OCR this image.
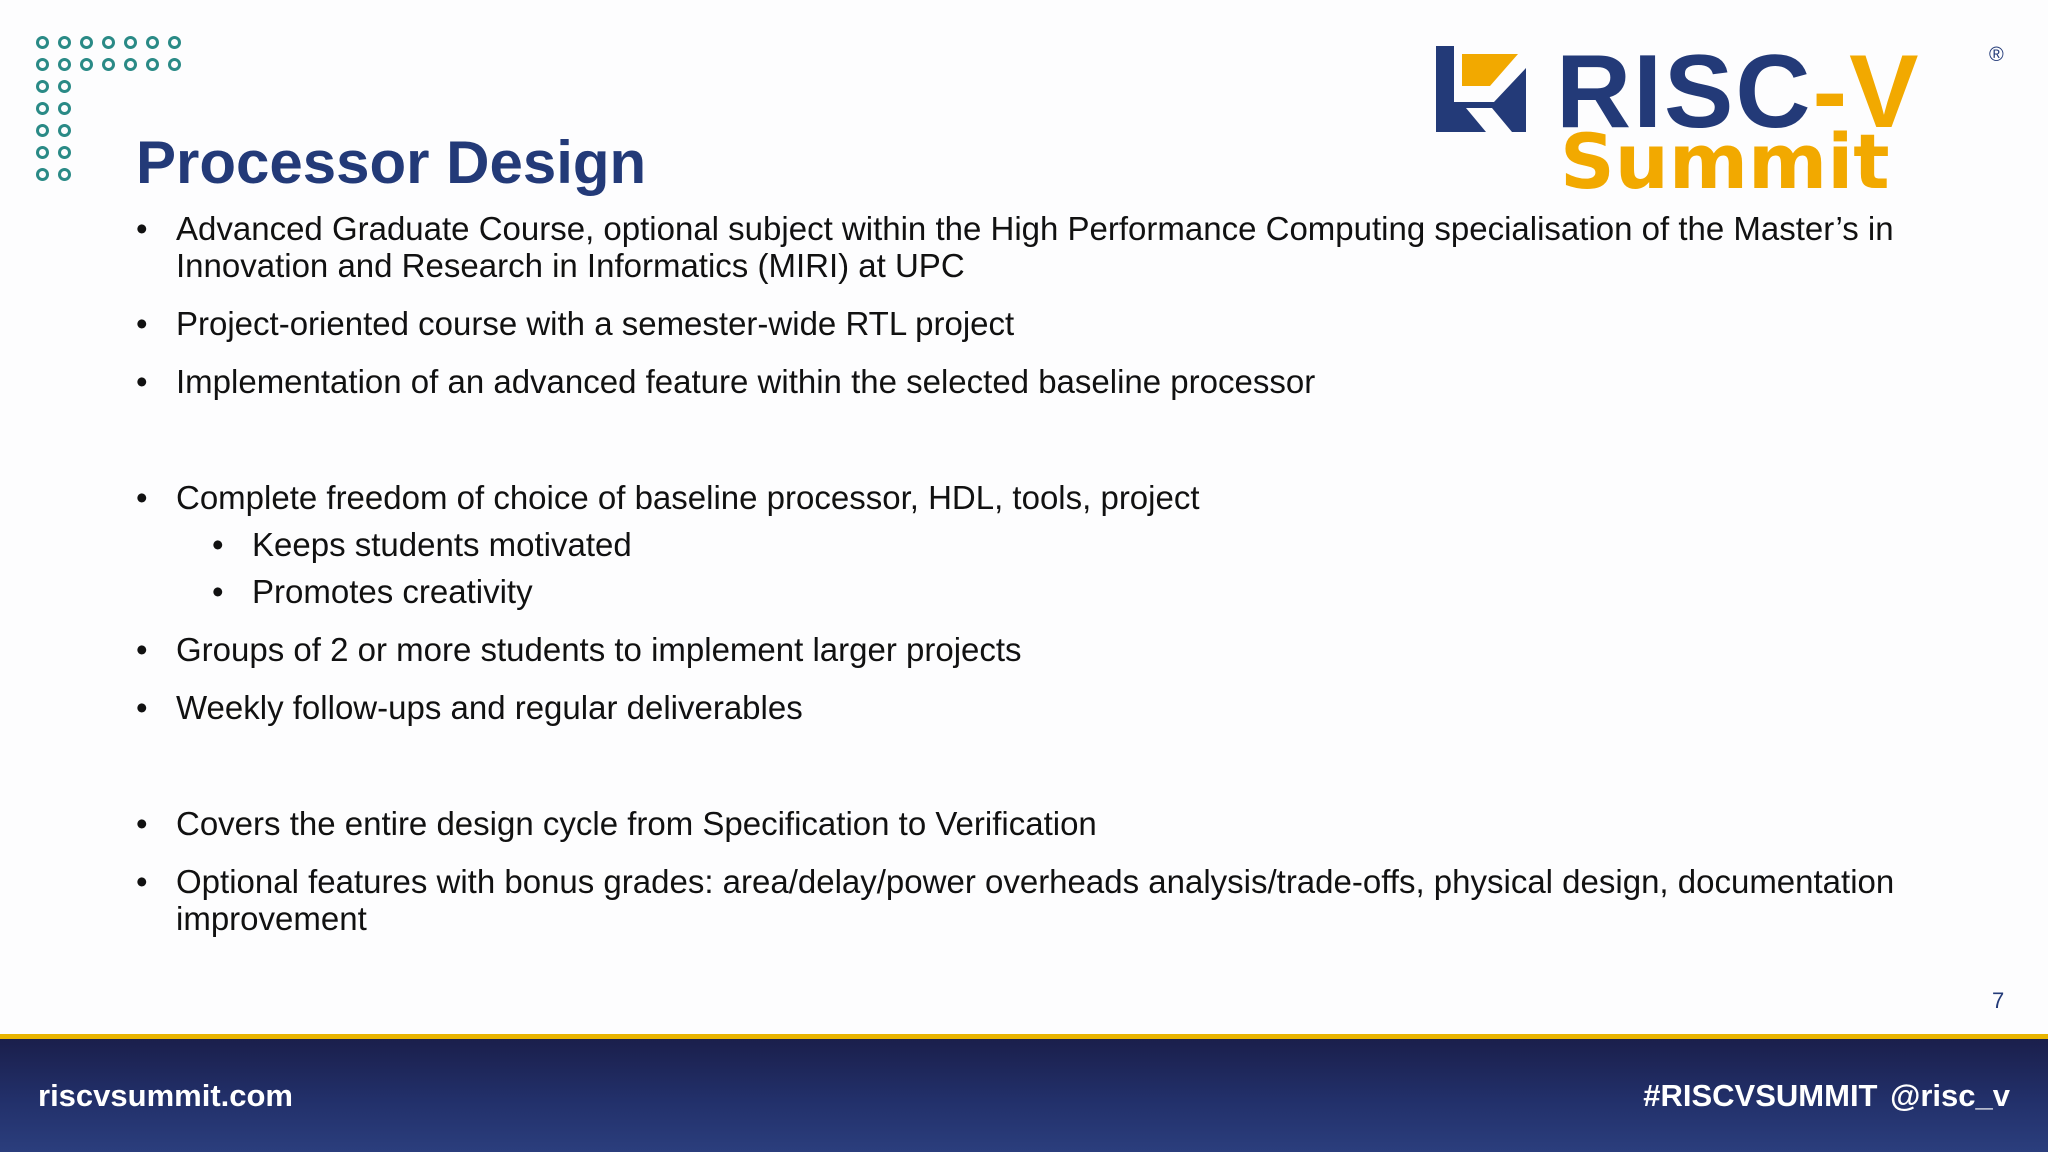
Processor Design
RISC-V	®
Summit
• Advanced Graduate Course, optional subject within the High Performance Computing specialisation of the Master’s in Innovation and Research in Informatics (MIRI) at UPC
• Project-oriented course with a semester-wide RTL project
• Implementation of an advanced feature within the selected baseline processor
• Complete freedom of choice of baseline processor, HDL, tools, project
• Keeps students motivated
• Promotes creativity
• Groups of 2 or more students to implement larger projects
• Weekly follow-ups and regular deliverables
• Covers the entire design cycle from Specification to Verification
• Optional features with bonus grades: area/delay/power overheads analysis/trade-offs, physical design, documentation improvement
7
riscvsummit.com	#RISCVSUMMIT @risc_v
